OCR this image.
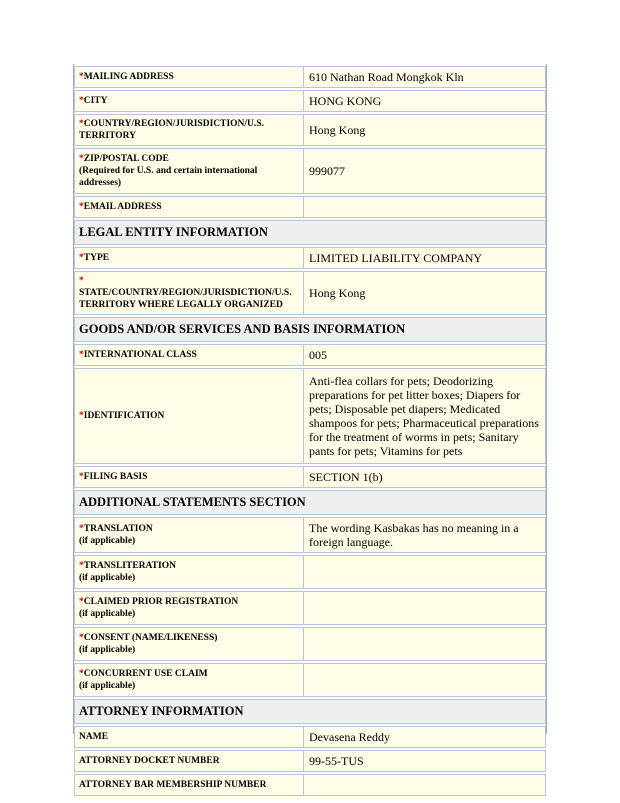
*MAILING ADDRESS	610 Nathan Road Mongkok Kln
*CITY	HONG KONG
*COUNTRY/REGION/JURISDICTION/U.S. TERRITORY	Hong Kong
*ZIP/POSTAL CODE
(Required for U.S. and certain international addresses)	999077
*EMAIL ADDRESS	
LEGAL ENTITY INFORMATION	
*TYPE	LIMITED LIABILITY COMPANY
*
STATE/COUNTRY/REGION/JURISDICTION/U.S. TERRITORY WHERE LEGALLY ORGANIZED	Hong Kong
GOODS AND/OR SERVICES AND BASIS INFORMATION	
*INTERNATIONAL CLASS	005
*IDENTIFICATION	Anti-flea collars for pets; Deodorizing preparations for pet litter boxes; Diapers for pets; Disposable pet diapers; Medicated shampoos for pets; Pharmaceutical preparations for the treatment of worms in pets; Sanitary pants for pets; Vitamins for pets
*FILING BASIS	SECTION 1(b)
ADDITIONAL STATEMENTS SECTION	
*TRANSLATION
(if applicable)	The wording Kasbakas has no meaning in a foreign language.
*TRANSLITERATION
(if applicable)	
*CLAIMED PRIOR REGISTRATION
(if applicable)	
*CONSENT (NAME/LIKENESS)
(if applicable)	
*CONCURRENT USE CLAIM
(if applicable)	
ATTORNEY INFORMATION	
NAME	Devasena Reddy
ATTORNEY DOCKET NUMBER	99-55-TUS
ATTORNEY BAR MEMBERSHIP NUMBER	
